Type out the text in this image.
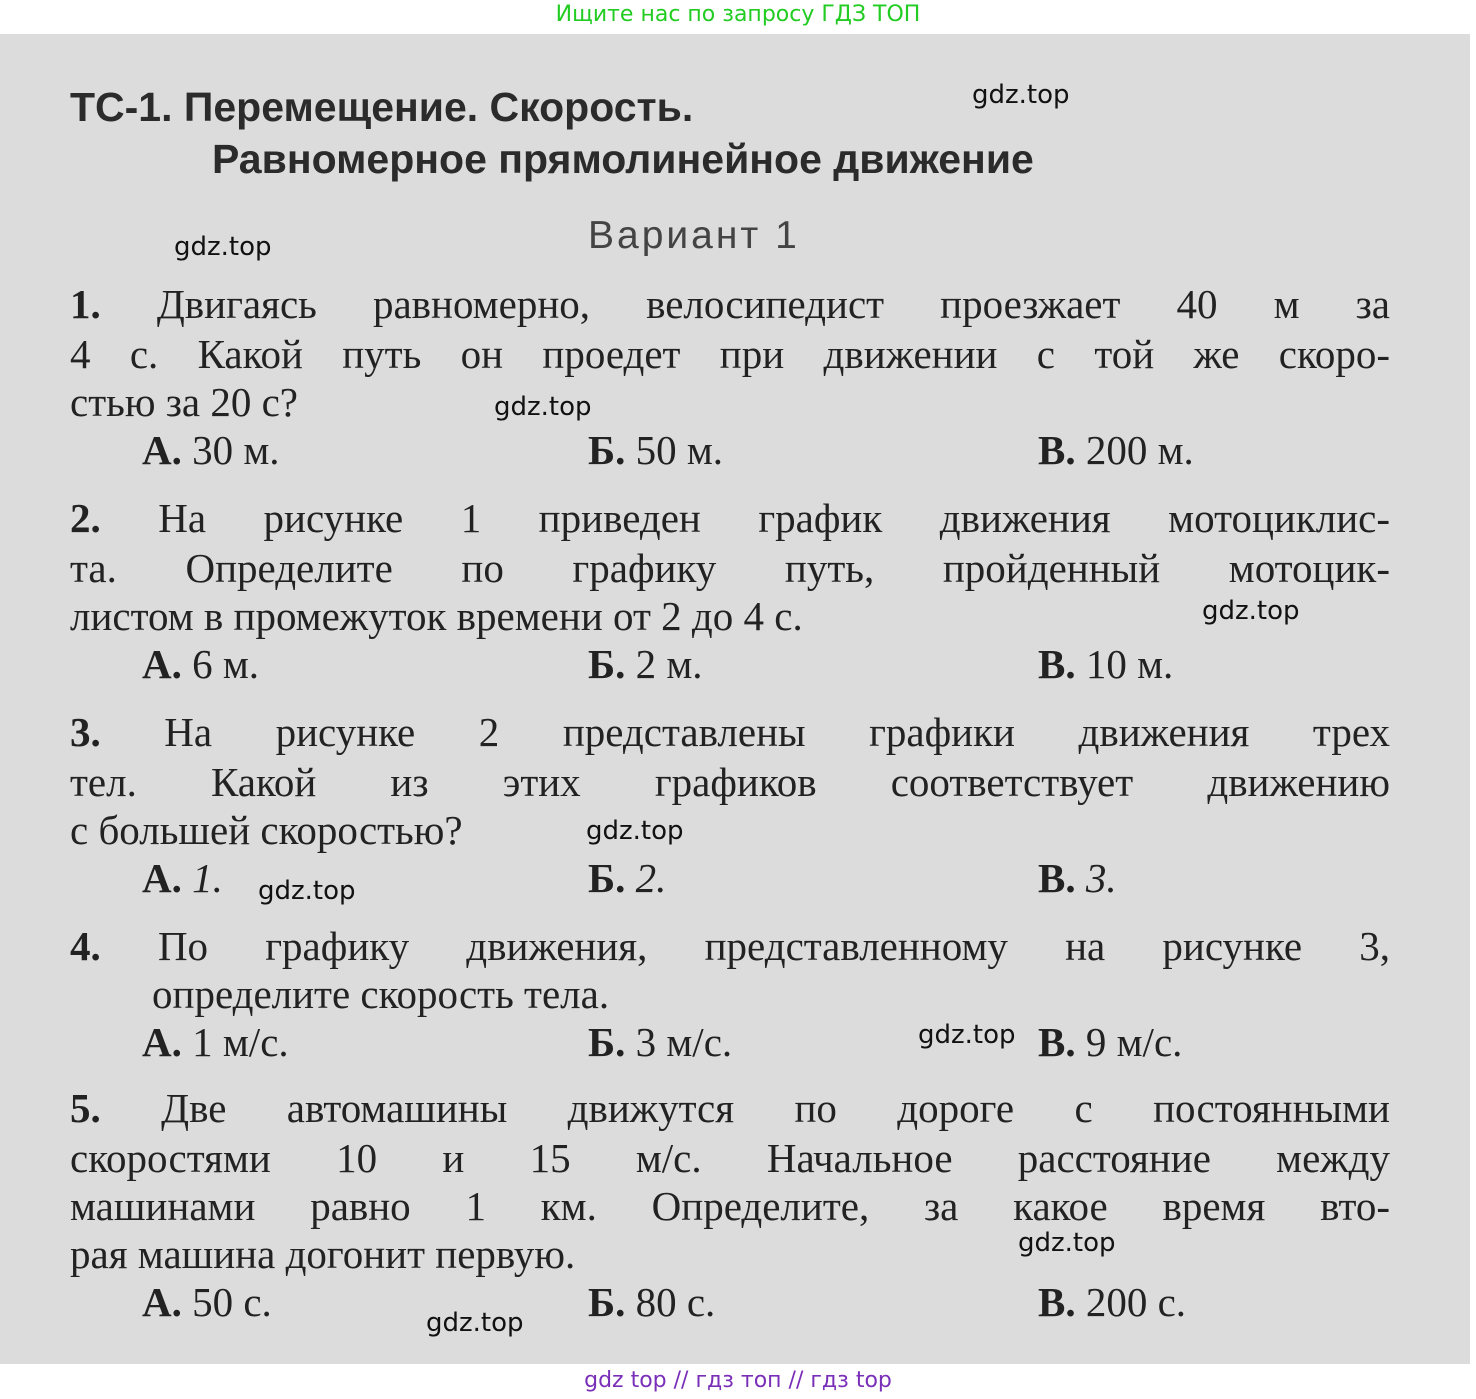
Ищите нас по запросу ГДЗ ТОП
ТС-1. Перемещение. Скорость.
Равномерное прямолинейное движение
Вариант 1
1. Двигаясь равномерно, велосипедист проезжает 40 м за
4 с. Какой путь он проедет при движении с той же скоро-
стью за 20 с?
А. 30 м.	Б. 50 м.	В. 200 м.
2. На рисунке 1 приведен график движения мотоциклис-
та. Определите по графику путь, пройденный мотоцик-
листом в промежуток времени от 2 до 4 с.
А. 6 м.	Б. 2 м.	В. 10 м.
3. На рисунке 2 представлены графики движения трех
тел. Какой из этих графиков соответствует движению
с большей скоростью?
А. 1.	Б. 2.	В. 3.
4. По графику движения, представленному на рисунке 3,
определите скорость тела.
А. 1 м/с.	Б. 3 м/с.	В. 9 м/с.
5. Две автомашины движутся по дороге с постоянными
скоростями 10 и 15 м/с. Начальное расстояние между
машинами равно 1 км. Определите, за какое время вто-
рая машина догонит первую.
А. 50 с.	Б. 80 с.	В. 200 с.
gdz.top
gdz.top
gdz.top
gdz.top
gdz.top
gdz.top
gdz.top
gdz.top
gdz.top
gdz top // гдз топ // гдз top
